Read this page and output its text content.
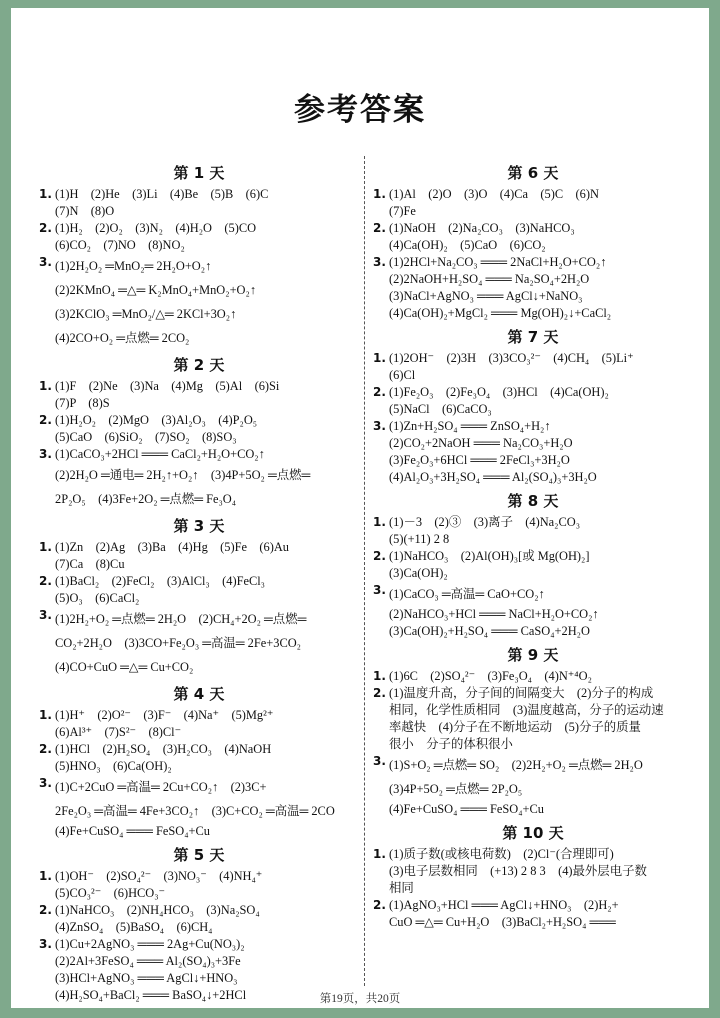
参考答案
第 1 天
1. (1)H　(2)He　(3)Li　(4)Be　(5)B　(6)C
(7)N　(8)O
2. (1)H₂　(2)O₂　(3)N₂　(4)H₂O　(5)CO
(6)CO₂　(7)NO　(8)NO₂
3. (1)2H₂O₂ ═MnO₂═ 2H₂O+O₂↑
(2)2KMnO₄ ═△═ K₂MnO₄+MnO₂+O₂↑
(3)2KClO₃ ═MnO₂/△═ 2KCl+3O₂↑
(4)2CO+O₂ ═点燃═ 2CO₂
第 2 天
1. (1)F　(2)Ne　(3)Na　(4)Mg　(5)Al　(6)Si
(7)P　(8)S
2. (1)H₂O₂　(2)MgO　(3)Al₂O₃　(4)P₂O₅
(5)CaO　(6)SiO₂　(7)SO₂　(8)SO₃
3. (1)CaCO₃+2HCl ═══ CaCl₂+H₂O+CO₂↑
(2)2H₂O ═通电═ 2H₂↑+O₂↑　(3)4P+5O₂ ═点燃═
2P₂O₅　(4)3Fe+2O₂ ═点燃═ Fe₃O₄
第 3 天
1. (1)Zn　(2)Ag　(3)Ba　(4)Hg　(5)Fe　(6)Au
(7)Ca　(8)Cu
2. (1)BaCl₂　(2)FeCl₂　(3)AlCl₃　(4)FeCl₃
(5)O₃　(6)CaCl₂
3. (1)2H₂+O₂ ═点燃═ 2H₂O　(2)CH₄+2O₂ ═点燃═
CO₂+2H₂O　(3)3CO+Fe₂O₃ ═高温═ 2Fe+3CO₂
(4)CO+CuO ═△═ Cu+CO₂
第 4 天
1. (1)H⁺　(2)O²⁻　(3)F⁻　(4)Na⁺　(5)Mg²⁺
(6)Al³⁺　(7)S²⁻　(8)Cl⁻
2. (1)HCl　(2)H₂SO₄　(3)H₂CO₃　(4)NaOH
(5)HNO₃　(6)Ca(OH)₂
3. (1)C+2CuO ═高温═ 2Cu+CO₂↑　(2)3C+
2Fe₂O₃ ═高温═ 4Fe+3CO₂↑　(3)C+CO₂ ═高温═ 2CO
(4)Fe+CuSO₄ ═══ FeSO₄+Cu
第 5 天
1. (1)OH⁻　(2)SO₄²⁻　(3)NO₃⁻　(4)NH₄⁺
(5)CO₃²⁻　(6)HCO₃⁻
2. (1)NaHCO₃　(2)NH₄HCO₃　(3)Na₂SO₄
(4)ZnSO₄　(5)BaSO₄　(6)CH₄
3. (1)Cu+2AgNO₃ ═══ 2Ag+Cu(NO₃)₂
(2)2Al+3FeSO₄ ═══ Al₂(SO₄)₃+3Fe
(3)HCl+AgNO₃ ═══ AgCl↓+HNO₃
(4)H₂SO₄+BaCl₂ ═══ BaSO₄↓+2HCl
第 6 天
1. (1)Al　(2)O　(3)O　(4)Ca　(5)C　(6)N
(7)Fe
2. (1)NaOH　(2)Na₂CO₃　(3)NaHCO₃
(4)Ca(OH)₂　(5)CaO　(6)CO₂
3. (1)2HCl+Na₂CO₃ ═══ 2NaCl+H₂O+CO₂↑
(2)2NaOH+H₂SO₄ ═══ Na₂SO₄+2H₂O
(3)NaCl+AgNO₃ ═══ AgCl↓+NaNO₃
(4)Ca(OH)₂+MgCl₂ ═══ Mg(OH)₂↓+CaCl₂
第 7 天
1. (1)2OH⁻　(2)3H　(3)3CO₃²⁻　(4)CH₄　(5)Li⁺
(6)Cl
2. (1)Fe₂O₃　(2)Fe₃O₄　(3)HCl　(4)Ca(OH)₂
(5)NaCl　(6)CaCO₃
3. (1)Zn+H₂SO₄ ═══ ZnSO₄+H₂↑
(2)CO₂+2NaOH ═══ Na₂CO₃+H₂O
(3)Fe₂O₃+6HCl ═══ 2FeCl₃+3H₂O
(4)Al₂O₃+3H₂SO₄ ═══ Al₂(SO₄)₃+3H₂O
第 8 天
1. (1)－3　(2)③　(3)离子　(4)Na₂CO₃
(5)(+11) 2 8
2. (1)NaHCO₃　(2)Al(OH)₃[或 Mg(OH)₂]
(3)Ca(OH)₂
3. (1)CaCO₃ ═高温═ CaO+CO₂↑
(2)NaHCO₃+HCl ═══ NaCl+H₂O+CO₂↑
(3)Ca(OH)₂+H₂SO₄ ═══ CaSO₄+2H₂O
第 9 天
1. (1)6C　(2)SO₄²⁻　(3)Fe₃O₄　(4)N⁺⁴O₂
2. (1)温度升高，分子间的间隔变大　(2)分子的构成
相同，化学性质相同　(3)温度越高，分子的运动速
率越快　(4)分子在不断地运动　(5)分子的质量
很小　分子的体积很小
3. (1)S+O₂ ═点燃═ SO₂　(2)2H₂+O₂ ═点燃═ 2H₂O
(3)4P+5O₂ ═点燃═ 2P₂O₅
(4)Fe+CuSO₄ ═══ FeSO₄+Cu
第 10 天
1. (1)质子数(或核电荷数)　(2)Cl⁻(合理即可)
(3)电子层数相同　(+13) 2 8 3　(4)最外层电子数
相同
2. (1)AgNO₃+HCl ═══ AgCl↓+HNO₃　(2)H₂+
CuO ═△═ Cu+H₂O　(3)BaCl₂+H₂SO₄ ═══
第19页，共20页
